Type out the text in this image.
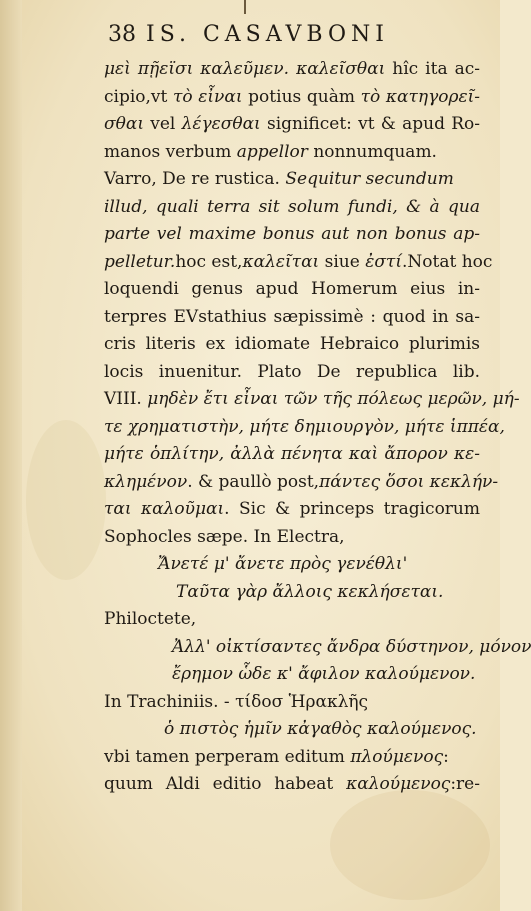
38 IS. CASAVBONI
μεὶ πῇεϊσι καλεῦμεν. καλεῖσθαι hîc ita ac-
cipio,vt τὸ εἶναι potius quàm τὸ κατηγορεῖ-
σθαι vel λέγεσθαι significet: vt & apud Ro-
manos verbum appellor nonnumquam.
Varro, De re rustica. Sequitur secundum
illud, quali terra sit solum fundi, & à qua
parte vel maxime bonus aut non bonus ap-
pelletur.hoc est,καλεῖται siue ἐστί.Notat hoc
loquendi genus apud Homerum eius in-
terpres EVstathius sæpissimè : quod in sa-
cris literis ex idiomate Hebraico plurimis
locis inuenitur. Plato De republica lib.
VIII. μηδὲν ἔτι εἶναι τῶν τῆς πόλεως μερῶν, μή-
τε χρηματιστὴν, μήτε δημιουργὸν, μήτε ἱππέα,
μήτε ὁπλίτην, ἀλλὰ πένητα καὶ ἄπορον κε-
κλημένον. & paullò post,πάντες ὅσοι κεκλήν-
ται καλοῦμαι. Sic & princeps tragicorum
Sophocles sæpe. In Electra,
Ἄνετέ μ' ἄνετε πρὸς γενέθλι'
Ταῦτα γὰρ ἄλλοις κεκλήσεται.
Philoctete,
Ἀλλ' οἰκτίσαντες ἄνδρα δύστηνον, μόνον
ἔρημον ὧδε κ' ἄφιλον καλούμενον.
In Trachiniis. - τίδοσ Ἡρακλῆς
ὁ πιστὸς ἡμῖν κἀγαθὸς καλούμενος.
vbi tamen perperam editum πλούμενος:
quum Aldi editio habeat καλούμενος:re-
